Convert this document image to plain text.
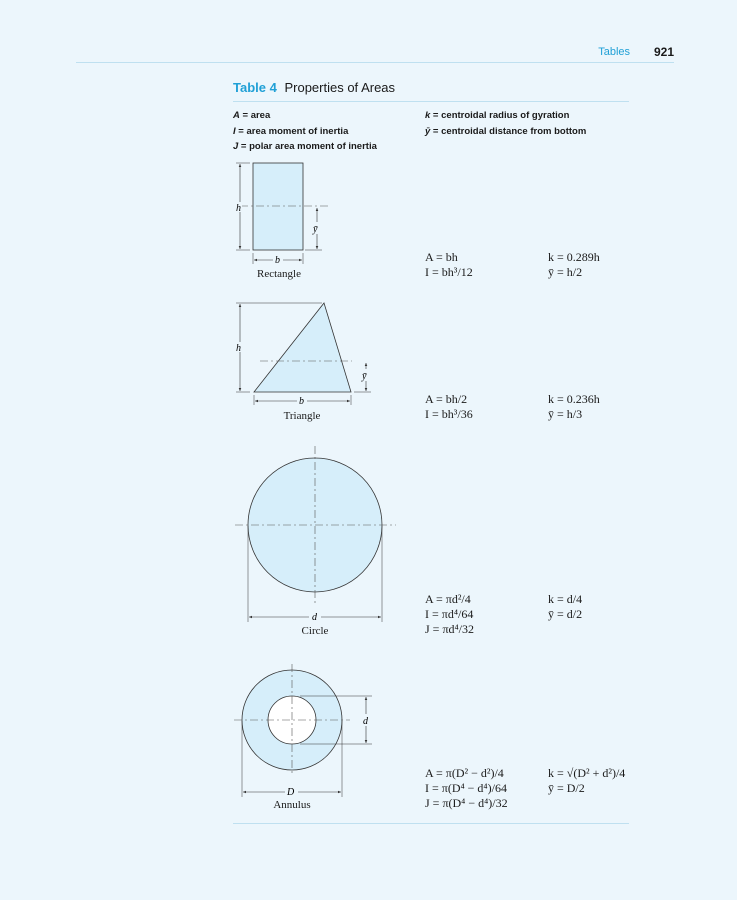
Tables 921
Table 4 Properties of Areas
A = area
I = area moment of inertia
J = polar area moment of inertia
k = centroidal radius of gyration
ȳ = centroidal distance from bottom
h
ȳ
b
h
ȳ
b
d
d
D
Rectangle
Triangle
Circle
Annulus
A = bh
I = bh³/12
k = 0.289h
ȳ = h/2
A = bh/2
I = bh³/36
k = 0.236h
ȳ = h/3
A = πd²/4
I = πd⁴/64
J = πd⁴/32
k = d/4
ȳ = d/2
A = π(D² − d²)/4
I = π(D⁴ − d⁴)/64
J = π(D⁴ − d⁴)/32
k = √(D² + d²)/4
ȳ = D/2
